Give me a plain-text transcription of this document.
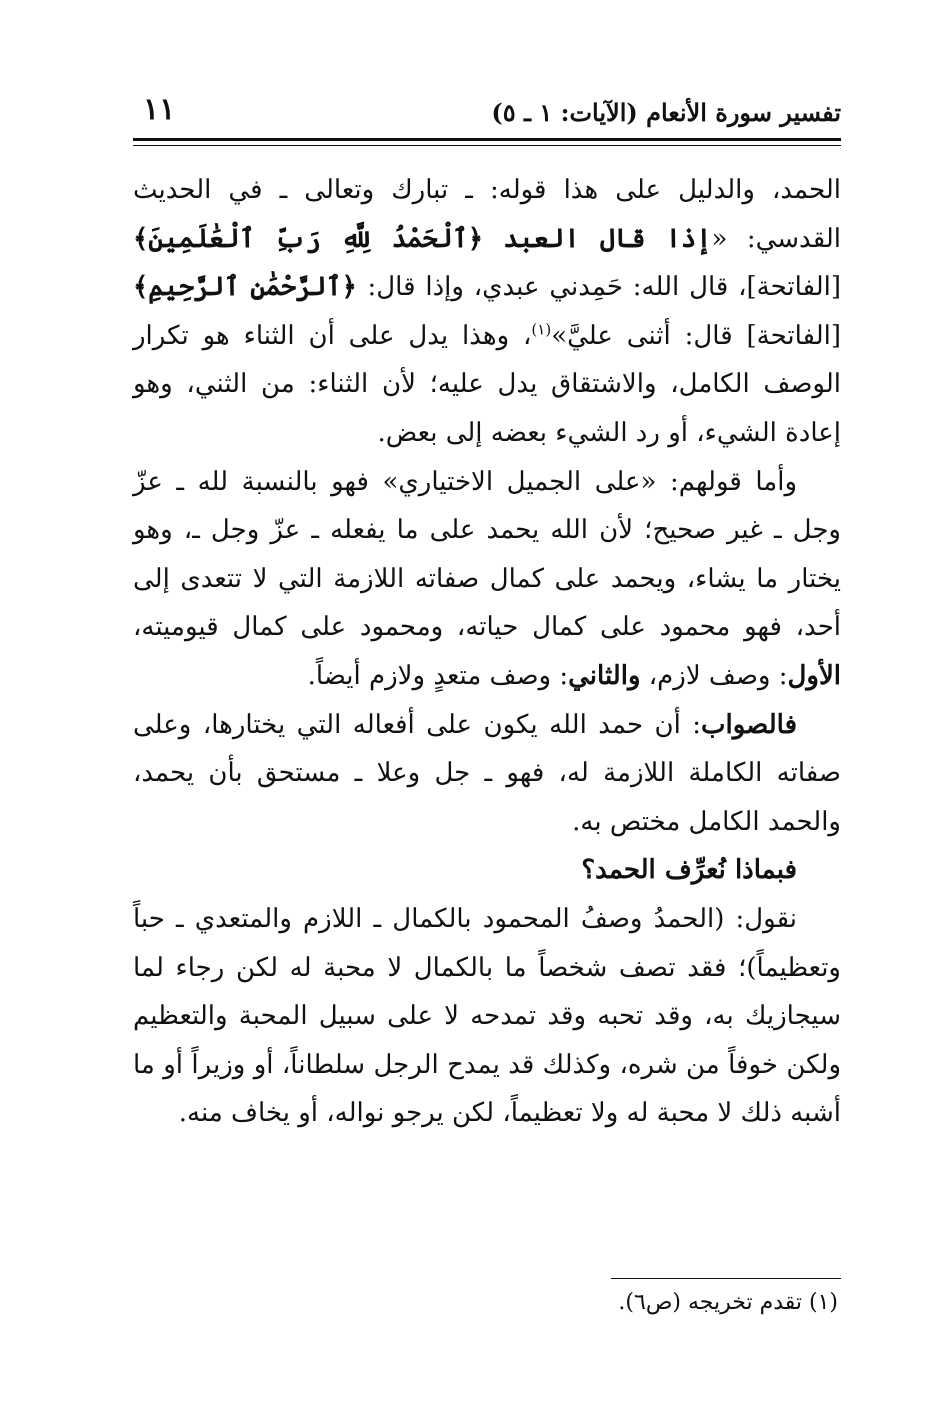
تفسير سورة الأنعام (الآيات: ١ ـ ٥)
١١

الحمد، والدليل على هذا قوله: ـ تبارك وتعالى ـ في الحديث القدسي: «إذا قال العبد ﴿ٱلْحَمْدُ لِلَّهِ رَبِّ ٱلْعَٰلَمِينَ﴾ [الفاتحة]، قال الله: حَمِدني عبدي، وإذا قال: ﴿ٱلرَّحْمَٰنِ ٱلرَّحِيمِ﴾ [الفاتحة] قال: أثنى عليَّ»$^{(١)}$، وهذا يدل على أن الثناء هو تكرار الوصف الكامل، والاشتقاق يدل عليه؛ لأن الثناء: من الثني، وهو إعادة الشيء، أو رد الشيء بعضه إلى بعض.

وأما قولهم: «على الجميل الاختياري» فهو بالنسبة لله ـ عزّ وجل ـ غير صحيح؛ لأن الله يحمد على ما يفعله ـ عزّ وجل ـ، وهو يختار ما يشاء، ويحمد على كمال صفاته اللازمة التي لا تتعدى إلى أحد، فهو محمود على كمال حياته، ومحمود على كمال قيوميته، الأول: وصف لازم، والثاني: وصف متعدٍ ولازم أيضاً.

فالصواب: أن حمد الله يكون على أفعاله التي يختارها، وعلى صفاته الكاملة اللازمة له، فهو ـ جل وعلا ـ مستحق بأن يحمد، والحمد الكامل مختص به.

فبماذا نُعرِّف الحمد؟

نقول: (الحمدُ وصفُ المحمود بالكمال ـ اللازم والمتعدي ـ حباً وتعظيماً)؛ فقد تصف شخصاً ما بالكمال لا محبة له لكن رجاء لما سيجازيك به، وقد تحبه وقد تمدحه لا على سبيل المحبة والتعظيم ولكن خوفاً من شره، وكذلك قد يمدح الرجل سلطاناً، أو وزيراً أو ما أشبه ذلك لا محبة له ولا تعظيماً، لكن يرجو نواله، أو يخاف منه.

(١) تقدم تخريجه (ص٦).
